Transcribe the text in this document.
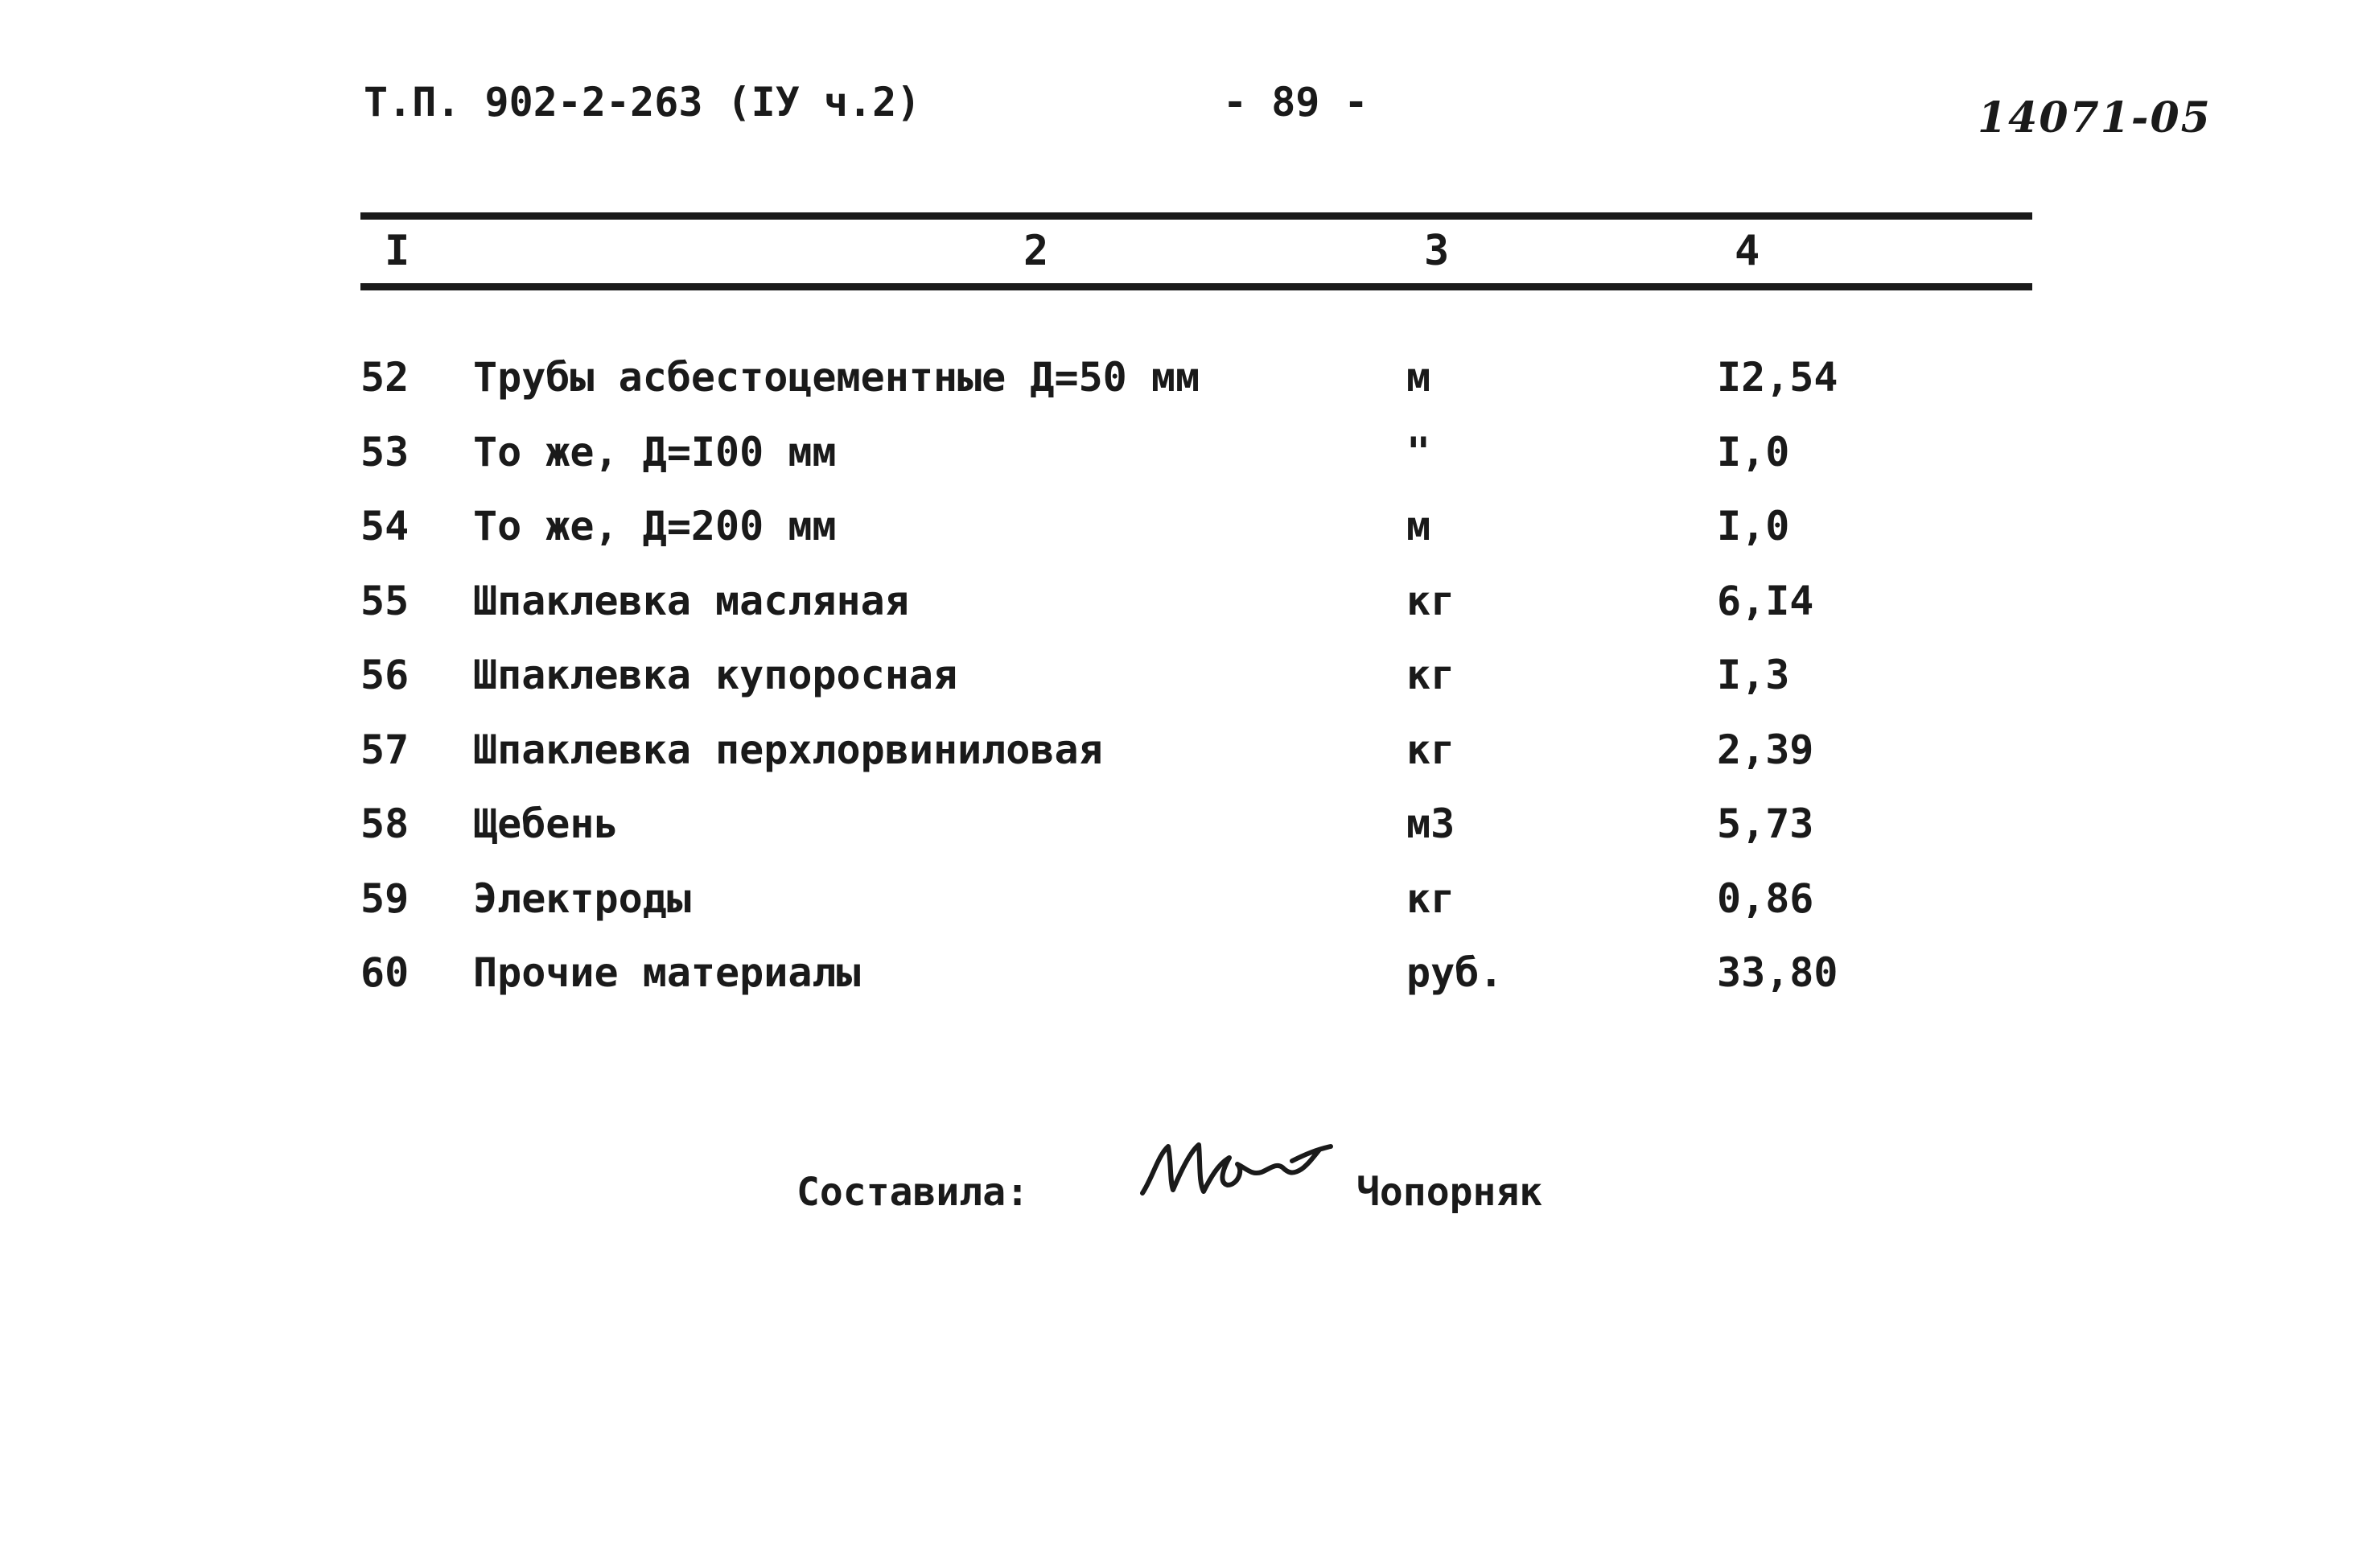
Т.П. 902-2-263 (IУ ч.2)	- 89 -	14071-05
I	2	3	4
52 Трубы асбестоцементные Д=50 мм	м	I2,54
53 То же, Д=I00 мм	"	I,0
54 То же, Д=200 мм	м	I,0
55 Шпаклевка масляная	кг	6,I4
56 Шпаклевка купоросная	кг	I,3
57 Шпаклевка перхлорвиниловая	кг	2,39
58 Щебень	м3	5,73
59 Электроды	кг	0,86
60 Прочие материалы	руб.	33,80
Составила:	Чопорняк
